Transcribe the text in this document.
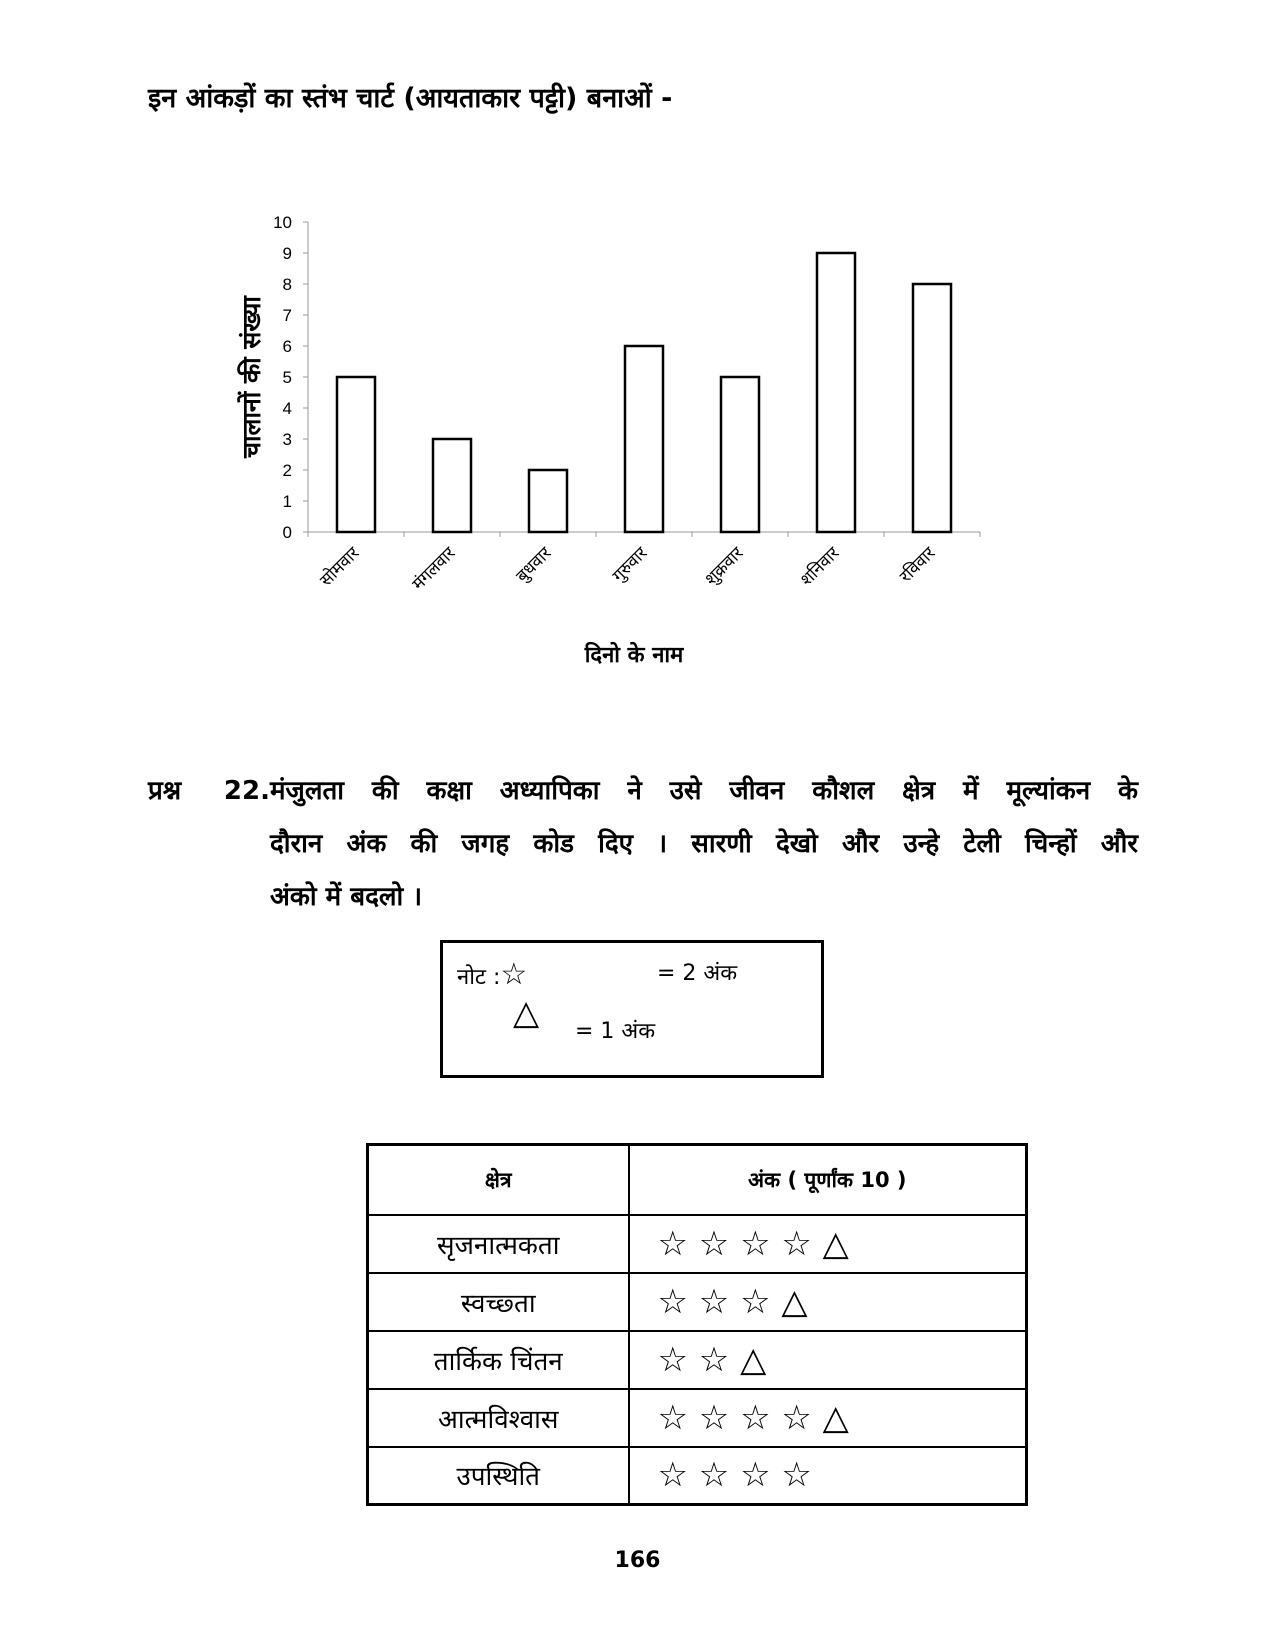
इन आंकड़ों का स्तंभ चार्ट (आयताकार पट्टी) बनाओं -
0
1
2
3
4
5
6
7
8
9
10
सोमवार	मंगलवार	बुधवार	गुरुवार	शुक्रवार	शनिवार	रविवार
चालानों की संख्या
दिनो के नाम
प्रश्न 22.मंजुलता की कक्षा अध्यापिका ने उसे जीवन कौशल क्षेत्र में मूल्यांकन के
दौरान अंक की जगह कोड दिए । सारणी देखो और उन्हे टेली चिन्हों और
अंको में बदलो ।
नोट :☆	= 2 अंक
△ = 1 अंक
क्षेत्र	अंक ( पूर्णांक 10 )
सृजनात्मकता	☆ ☆ ☆ ☆ △
स्वच्छ्ता	☆ ☆ ☆ △
तार्किक चिंतन	☆ ☆ △
आत्मविश्वास	☆ ☆ ☆ ☆ △
उपस्थिति	☆ ☆ ☆ ☆
166
